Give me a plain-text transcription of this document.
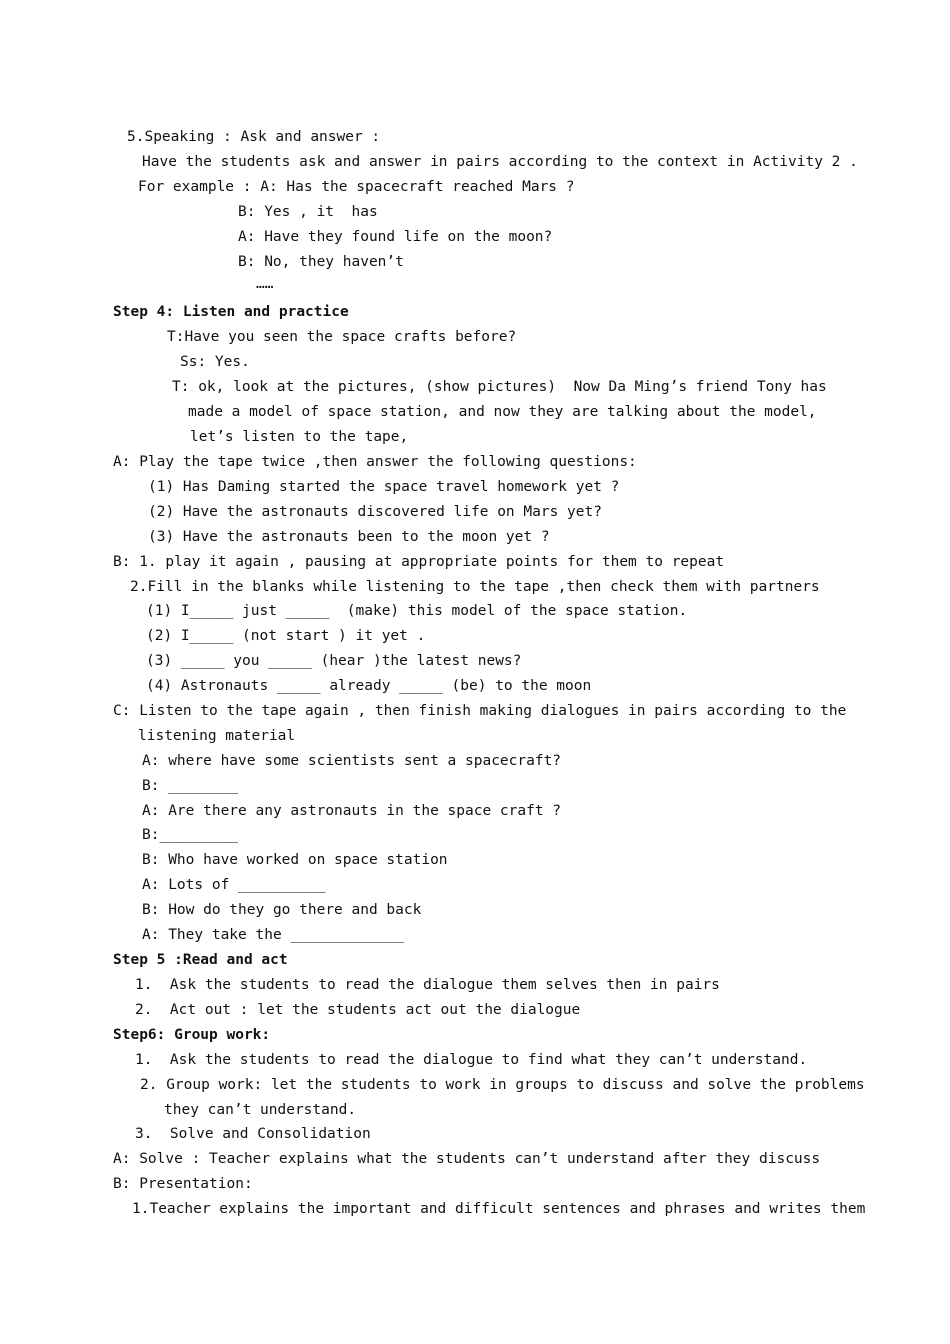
5.Speaking : Ask and answer :
Have the students ask and answer in pairs according to the context in Activity 2 .
For example : A: Has the spacecraft reached Mars ?
B: Yes , it  has
A: Have they found life on the moon?
B: No, they haven’t
……
Step 4: Listen and practice
T:Have you seen the space crafts before?
Ss: Yes.
T: ok, look at the pictures, (show pictures)  Now Da Ming’s friend Tony has
made a model of space station, and now they are talking about the model,
let’s listen to the tape,
A: Play the tape twice ,then answer the following questions:
(1) Has Daming started the space travel homework yet ?
(2) Have the astronauts discovered life on Mars yet?
(3) Have the astronauts been to the moon yet ?
B: 1. play it again , pausing at appropriate points for them to repeat
2.Fill in the blanks while listening to the tape ,then check them with partners
(1) I_____ just _____  (make) this model of the space station.
(2) I_____ (not start ) it yet .
(3) _____ you _____ (hear )the latest news?
(4) Astronauts _____ already _____ (be) to the moon
C: Listen to the tape again , then finish making dialogues in pairs according to the
listening material
A: where have some scientists sent a spacecraft?
B: ________
A: Are there any astronauts in the space craft ?
B:_________
B: Who have worked on space station
A: Lots of __________
B: How do they go there and back
A: They take the _____________
Step 5 :Read and act
1.  Ask the students to read the dialogue them selves then in pairs
2.  Act out : let the students act out the dialogue
Step6: Group work:
1.  Ask the students to read the dialogue to find what they can’t understand.
2. Group work: let the students to work in groups to discuss and solve the problems
they can’t understand.
3.  Solve and Consolidation
A: Solve : Teacher explains what the students can’t understand after they discuss
B: Presentation:
1.Teacher explains the important and difficult sentences and phrases and writes them
